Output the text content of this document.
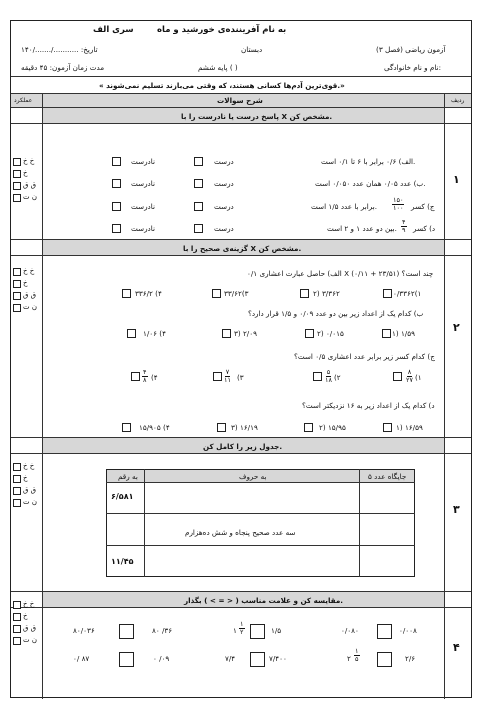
به نام آفریننده‌ی خورشید و ماه
سری الف
آزمون ریاضی (فصل ۳)
دبستان
تاریخ: .........../......./۱۴۰
نام و نام خانوادگی:
پایه ششم ( )
مدت زمان آزمون: ۴۵ دقیقه
« قوی‌ترین آدم‌ها کسانی هستند، که وقتی می‌بازند تسلیم نمی‌شوند.»
ردیف
شرح سوالات
عملکرد
پاسخ درست یا نادرست را با X مشخص کن.
۱
الف) ۰/۶ برابر با ۶ تا ۰/۱ است.
ب) عدد ۰/۰۵ همان عدد ۰/۰۵۰ است.
ج) کسر
۱۵۰
۱۰۰
برابر با عدد ۱/۵ است.
د) کسر
۴
۹
بین دو عدد ۱ و ۲ است.
درست
نادرست
درست
نادرست
درست
نادرست
درست
نادرست
خ خ
خ
ق ق
ن ت
گزینه‌ی صحیح را با X مشخص کن.
۲
الف) حاصل عبارت اعشاری ۰/۱ X (۰/۱۱ + ۲۳/۵۱) چند است؟
۰/۳۳۶۲(۱
۲) ۳/۳۶۲
۳۳/۶۲(۳
۳۳۶/۲ (۴
ب) کدام یک از اعداد زیر بین دو عدد ۰/۰۹ و ۱/۵ قرار دارد؟
۱) ۱/۵۹
۲) ۰/۰۱۵
۳) ۲/۰۹
۱/۰۶ (۴
ج) کدام کسر زیر برابر عدد اعشاری ۰/۵ است؟
(۱
۸
۲۷
(۲
۵
۱۸
(۳
۷
۱۱
(۴
۴
۸
د) کدام یک از اعداد زیر به ۱۶ نزدیکتر است؟
۱) ۱۶/۵۹
۲) ۱۵/۹۵
۳) ۱۶/۱۹
۱۵/۹۰۵ (۴
خ خ
خ
ق ق
ن ت
جدول زیر را کامل کن.
۳
جایگاه عدد ۵
به حروف
به رقم
۶/۵۸۱
سه عدد صحیح پنجاه و شش ده‌هزارم
۱۱/۴۵
خ خ
خ
ق ق
ن ت
مقایسه کن و علامت مناسب ( < = > ) بگذار.
۴
۰/۰۰۸
۰/۰۸۰
۱/۵
۱
۱
۲
۸۰ /۳۶
۸۰/۰۳۶
۲/۶
۲
۱
۵
۷/۴۰۰
۷/۴
۰ /۰۹
۰/ ۸۷
خ خ
خ
ق ق
ن ت
